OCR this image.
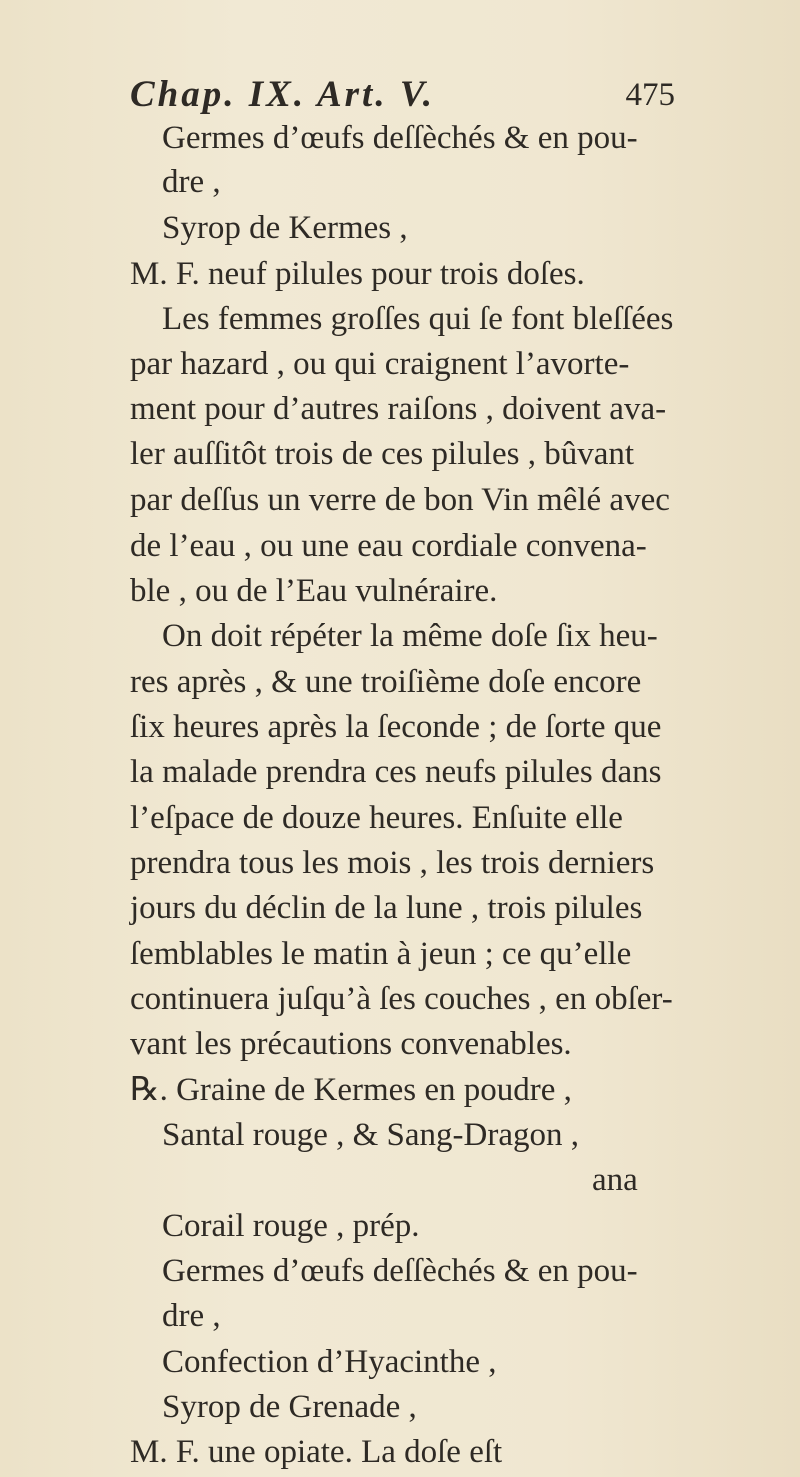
Chap. IX. Art. V.	475
Germes d’œufs deſſèchés & en pou-
dre ,
Syrop de Kermes ,
M. F. neuf pilules pour trois doſes.
Les femmes groſſes qui ſe font bleſſées
par hazard , ou qui craignent l’avorte-
ment pour d’autres raiſons , doivent ava-
ler auſſitôt trois de ces pilules , bûvant
par deſſus un verre de bon Vin mêlé avec
de l’eau , ou une eau cordiale convena-
ble , ou de l’Eau vulnéraire.
On doit répéter la même doſe ſix heu-
res après , & une troiſième doſe encore
ſix heures après la ſeconde ; de ſorte que
la malade prendra ces neufs pilules dans
l’eſpace de douze heures. Enſuite elle
prendra tous les mois , les trois derniers
jours du déclin de la lune , trois pilules
ſemblables le matin à jeun ; ce qu’elle
continuera juſqu’à ſes couches , en obſer-
vant les précautions convenables.
℞. Graine de Kermes en poudre ,
Santal rouge , & Sang-Dragon ,
ana
Corail rouge , prép.
Germes d’œufs deſſèchés & en pou-
dre ,
Confection d’Hyacinthe ,
Syrop de Grenade ,
M. F. une opiate. La doſe eſt
